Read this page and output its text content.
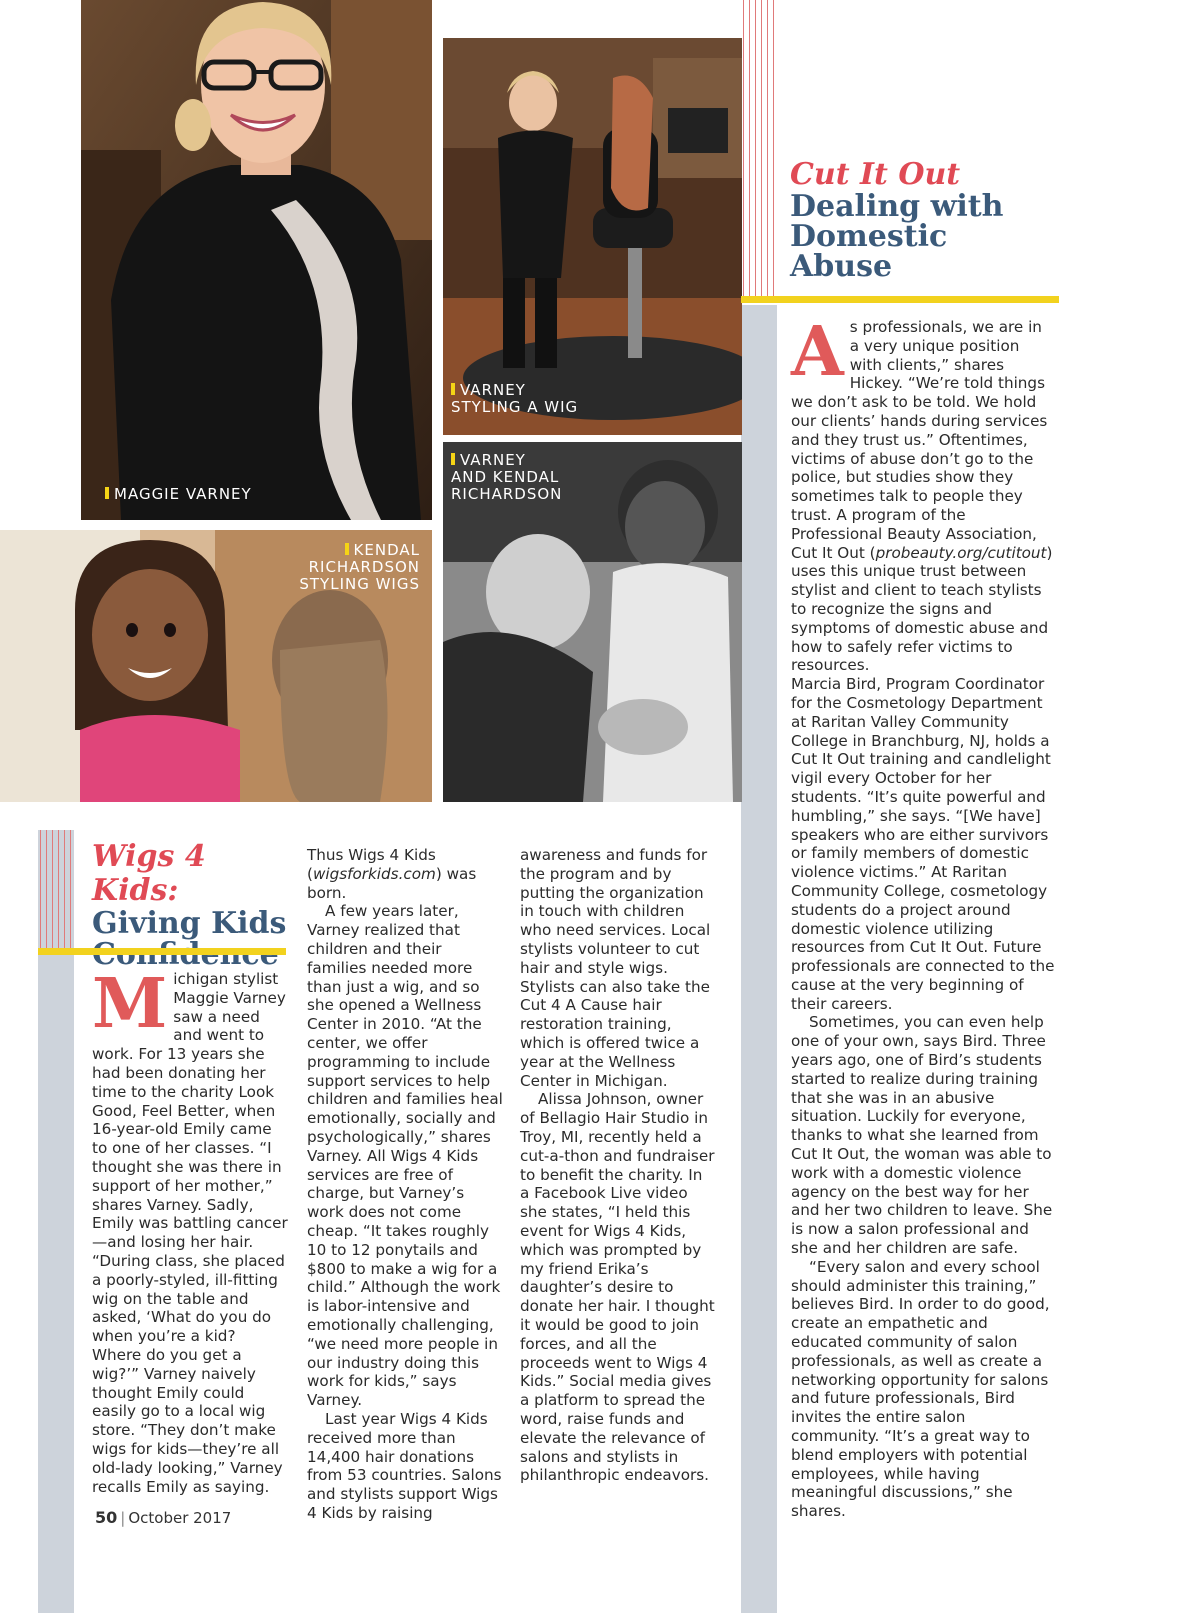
MAGGIE VARNEY
VARNEY
STYLING A WIG
KENDAL
RICHARDSON
STYLING WIGS
VARNEY
AND KENDAL
RICHARDSON
Wigs 4 Kids:
Giving Kids
M ichigan stylist Maggie Varney saw a need and went to work. For 13 years she had been donating her time to the charity Look Good, Feel Better, when 16-year-old Emily came to one of her classes. “I thought she was there in support of her mother,” shares Varney. Sadly, Emily was battling cancer—and losing her hair. “During class, she placed a poorly-styled, ill-fitting wig on the table and asked, ‘What do you do when you’re a kid? Where do you get a wig?’” Varney naively thought Emily could easily go to a local wig store. “They don’t make wigs for kids—they’re all old-lady looking,” Varney recalls Emily as saying.

Thus Wigs 4 Kids (wigsforkids.com) was born.

A few years later, Varney realized that children and their families needed more than just a wig, and so she opened a Wellness Center in 2010. “At the center, we offer programming to include support services to help children and families heal emotionally, socially and psychologically,” shares Varney. All Wigs 4 Kids services are free of charge, but Varney’s work does not come cheap. “It takes roughly 10 to 12 ponytails and $800 to make a wig for a child.” Although the work is labor-intensive and emotionally challenging, “we need more people in our industry doing this work for kids,” says Varney.

Last year Wigs 4 Kids received more than 14,400 hair donations from 53 countries. Salons and stylists support Wigs 4 Kids by raising

awareness and funds for the program and by putting the organization in touch with children who need services. Local stylists volunteer to cut hair and style wigs. Stylists can also take the Cut 4 A Cause hair restoration training, which is offered twice a year at the Wellness Center in Michigan.

Alissa Johnson, owner of Bellagio Hair Studio in Troy, MI, recently held a cut-a-thon and fundraiser to benefit the charity. In a Facebook Live video she states, “I held this event for Wigs 4 Kids, which was prompted by my friend Erika’s daughter’s desire to donate her hair. I thought it would be good to join forces, and all the proceeds went to Wigs 4 Kids.” Social media gives a platform to spread the word, raise funds and elevate the relevance of salons and stylists in philanthropic endeavors.

Cut It Out
Dealing with
Domestic
Abuse
A s professionals, we are in a very unique position with clients,” shares Hickey. “We’re told things we don’t ask to be told. We hold our clients’ hands during services and they trust us.” Oftentimes, victims of abuse don’t go to the police, but studies show they sometimes talk to people they trust. A program of the Professional Beauty Association, Cut It Out (probeauty.org/cutitout) uses this unique trust between stylist and client to teach stylists to recognize the signs and symptoms of domestic abuse and how to safely refer victims to resources.

Marcia Bird, Program Coordinator for the Cosmetology Department at Raritan Valley Community College in Branchburg, NJ, holds a Cut It Out training and candlelight vigil every October for her students. “It’s quite powerful and humbling,” she says. “[We have] speakers who are either survivors or family members of domestic violence victims.” At Raritan Community College, cosmetology students do a project around domestic violence utilizing resources from Cut It Out. Future professionals are connected to the cause at the very beginning of their careers.

Sometimes, you can even help one of your own, says Bird. Three years ago, one of Bird’s students started to realize during training that she was in an abusive situation. Luckily for everyone, thanks to what she learned from Cut It Out, the woman was able to work with a domestic violence agency on the best way for her and her two children to leave. She is now a salon professional and she and her children are safe.

“Every salon and every school should administer this training,” believes Bird. In order to do good, create an empathetic and educated community of salon professionals, as well as create a networking opportunity for salons and future professionals, Bird invites the entire salon community. “It’s a great way to blend employers with potential employees, while having meaningful discussions,” she shares.

50 | October 2017
